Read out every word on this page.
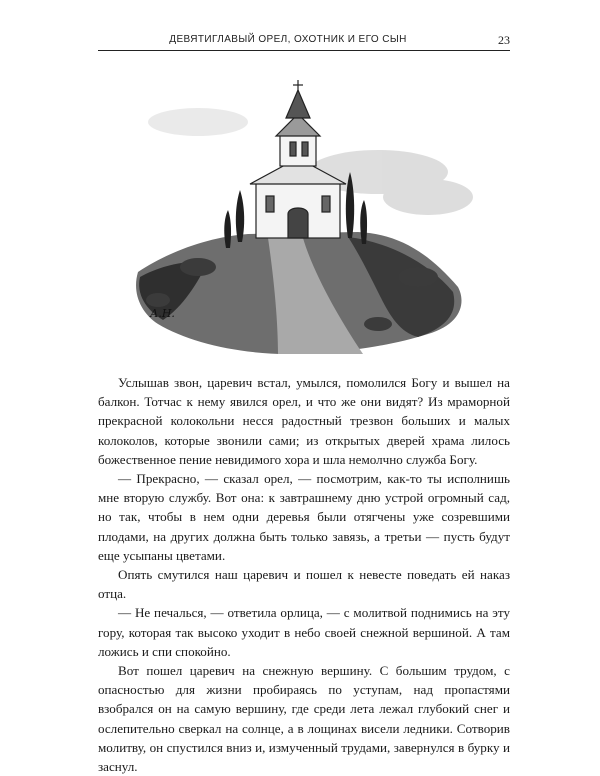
ДЕВЯТИГЛАВЫЙ ОРЕЛ, ОХОТНИК И ЕГО СЫН	23
А.Н.

Услышав звон, царевич встал, умылся, помолился Богу и вышел на балкон. Тотчас к нему явился орел, и что же они видят? Из мраморной прекрасной колокольни несся радостный трезвон больших и малых колоколов, которые звонили сами; из открытых дверей храма лилось божественное пение невидимого хора и шла немолчно служба Богу.

— Прекрасно, — сказал орел, — посмотрим, как-то ты исполнишь мне вторую службу. Вот она: к завтрашнему дню устрой огромный сад, но так, чтобы в нем одни деревья были отягчены уже созревшими плодами, на других должна быть только завязь, а третьи — пусть будут еще усыпаны цветами.

Опять смутился наш царевич и пошел к невесте поведать ей наказ отца.

— Не печалься, — ответила орлица, — с молитвой поднимись на эту гору, которая так высоко уходит в небо своей снежной вершиной. А там ложись и спи спокойно.

Вот пошел царевич на снежную вершину. С большим трудом, с опасностью для жизни пробираясь по уступам, над пропастями взобрался он на самую вершину, где среди лета лежал глубокий снег и ослепительно сверкал на солнце, а в лощинах висели ледники. Сотворив молитву, он спустился вниз и, измученный трудами, завернулся в бурку и заснул.
